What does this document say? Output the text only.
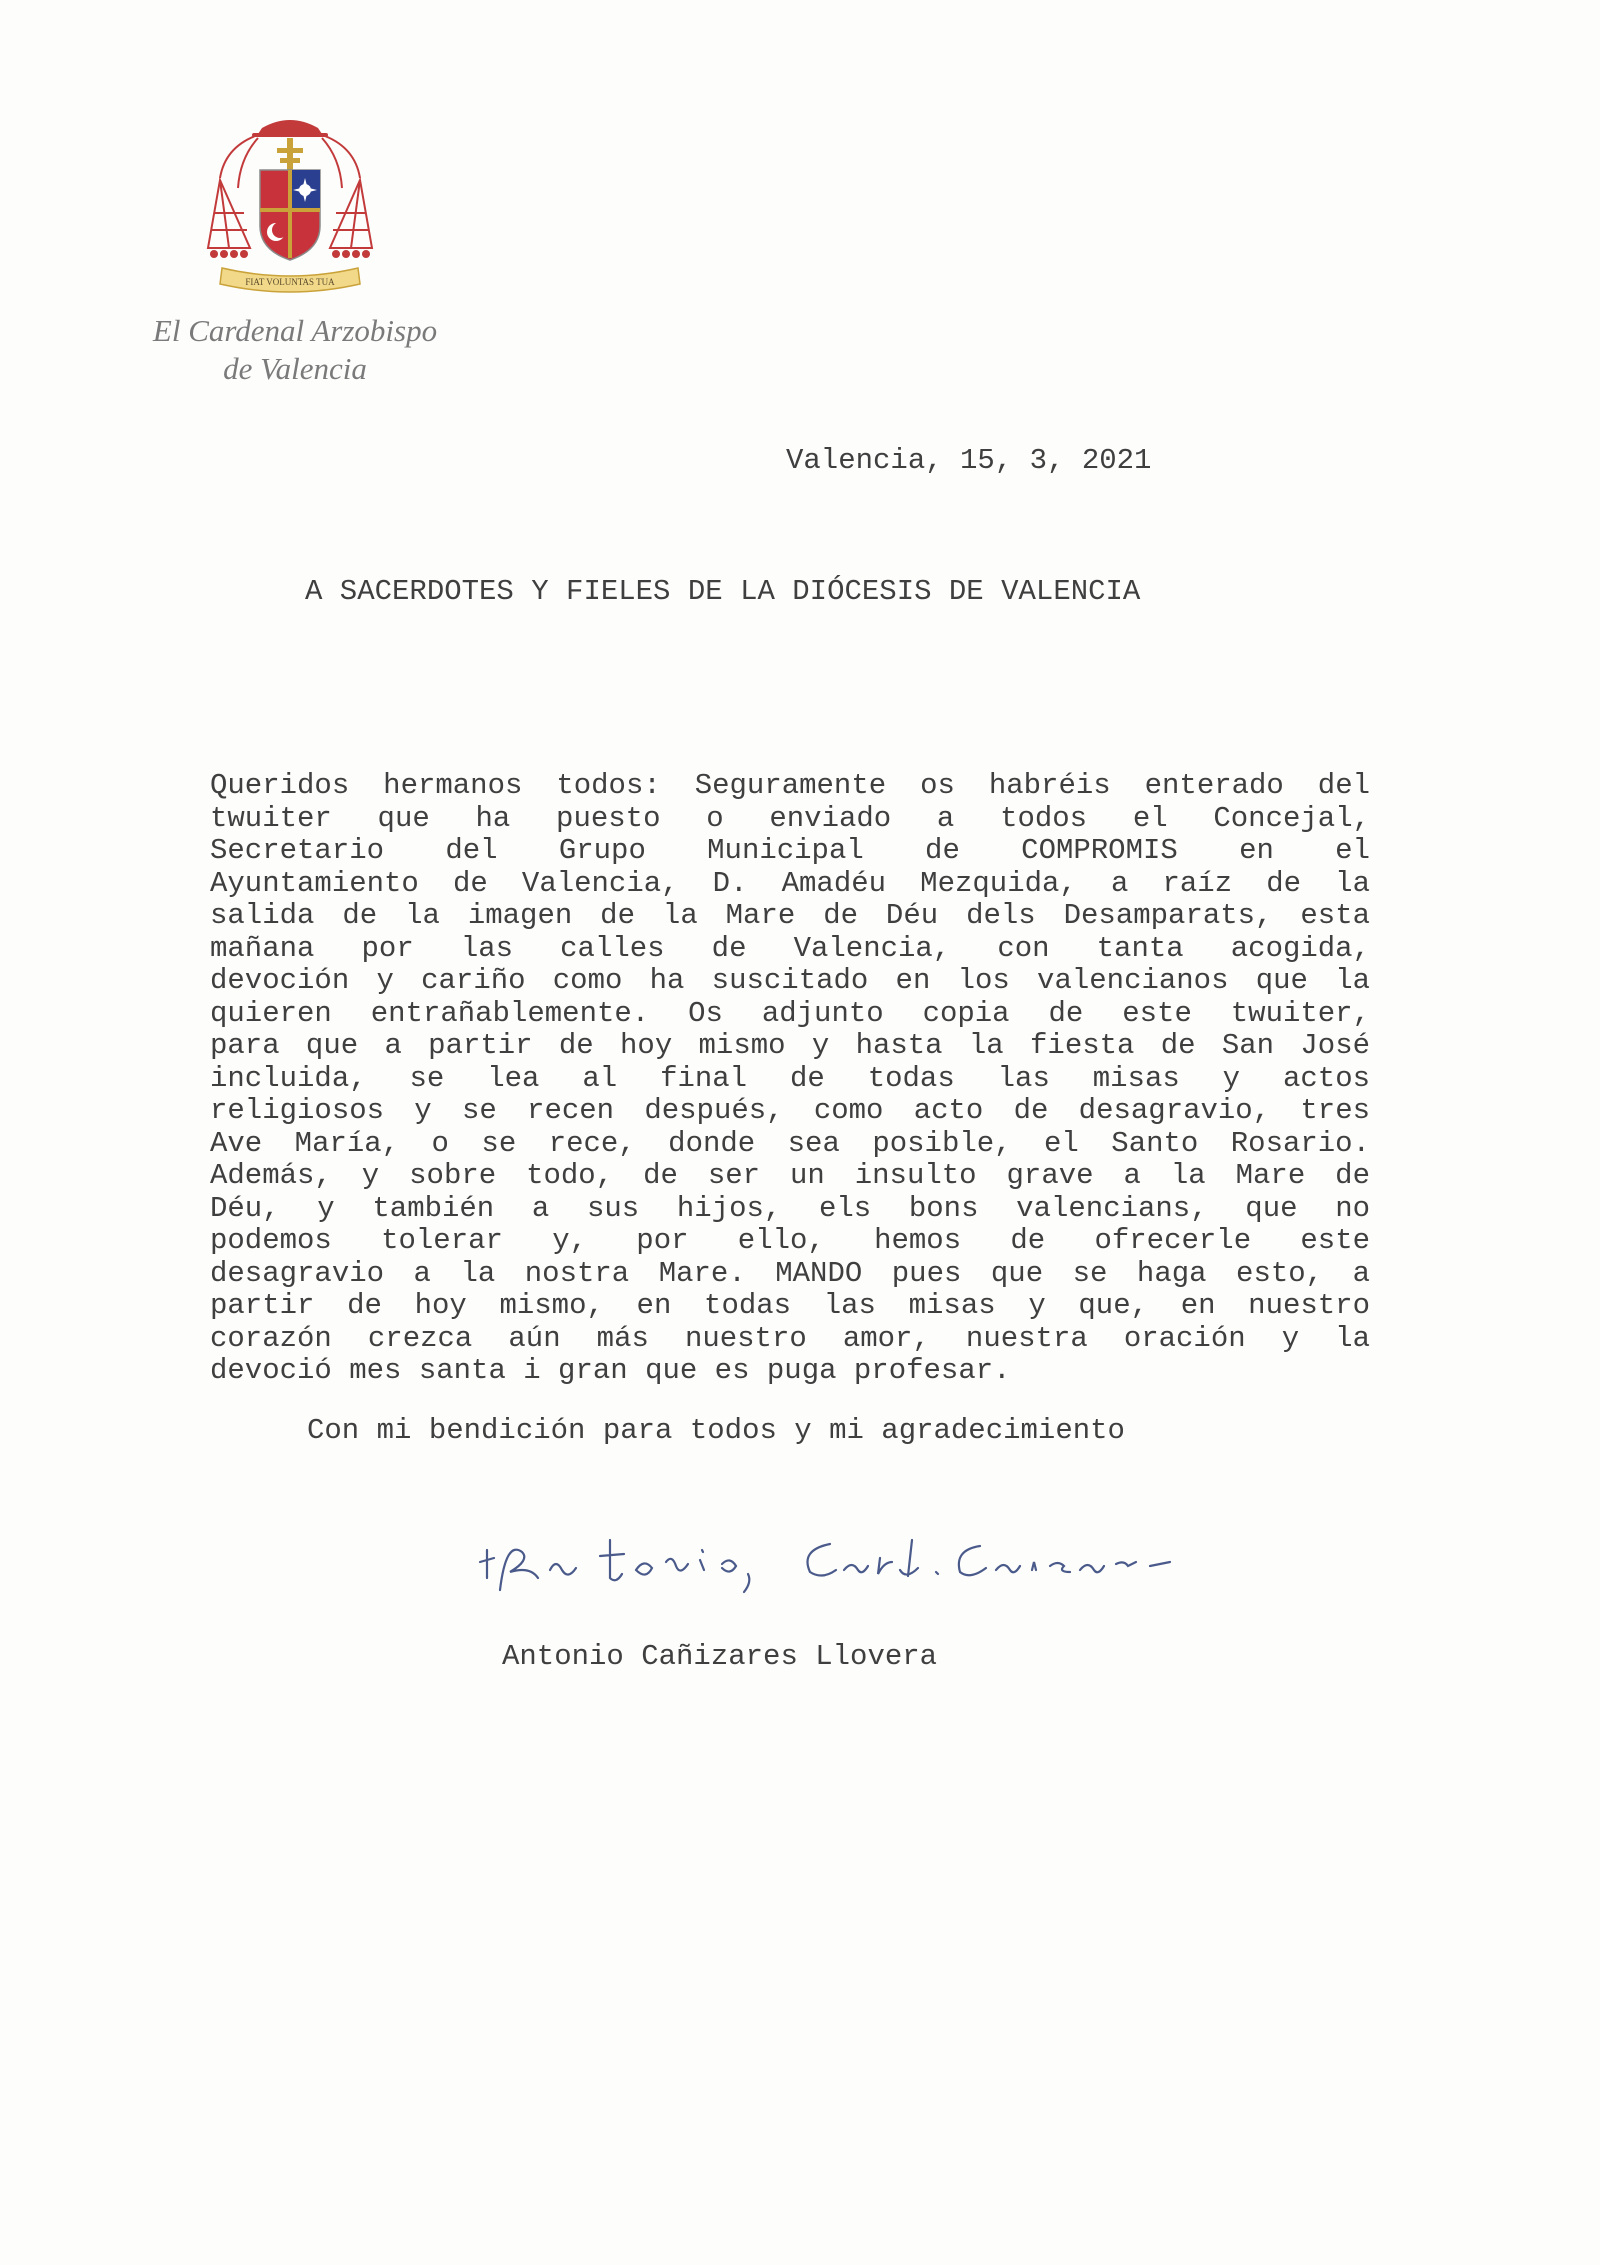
FIAT VOLUNTAS TUA
El Cardenal Arzobispo
de Valencia
Valencia, 15, 3, 2021
A SACERDOTES Y FIELES DE LA DIÓCESIS DE VALENCIA
Queridos hermanos todos: Seguramente os habréis enterado del
twuiter que ha puesto o enviado a todos el Concejal,
Secretario del Grupo Municipal de COMPROMIS en el
Ayuntamiento de Valencia, D. Amadéu Mezquida, a raíz de la
salida de la imagen de la Mare de Déu dels Desamparats, esta
mañana por las calles de Valencia, con tanta acogida,
devoción y cariño como ha suscitado en los valencianos que la
quieren entrañablemente. Os adjunto copia de este twuiter,
para que a partir de hoy mismo y hasta la fiesta de San José
incluida, se lea al final de todas las misas y actos
religiosos y se recen después, como acto de desagravio, tres
Ave María, o se rece, donde sea posible, el Santo Rosario.
Además, y sobre todo, de ser un insulto grave a la Mare de
Déu, y también a sus hijos, els bons valencians, que no
podemos tolerar y, por ello, hemos de ofrecerle este
desagravio a la nostra Mare. MANDO pues que se haga esto, a
partir de hoy mismo, en todas las misas y que, en nuestro
corazón crezca aún más nuestro amor, nuestra oración y la
devoció mes santa i gran que es puga profesar.
Con mi bendición para todos y mi agradecimiento
Antonio Cañizares Llovera
